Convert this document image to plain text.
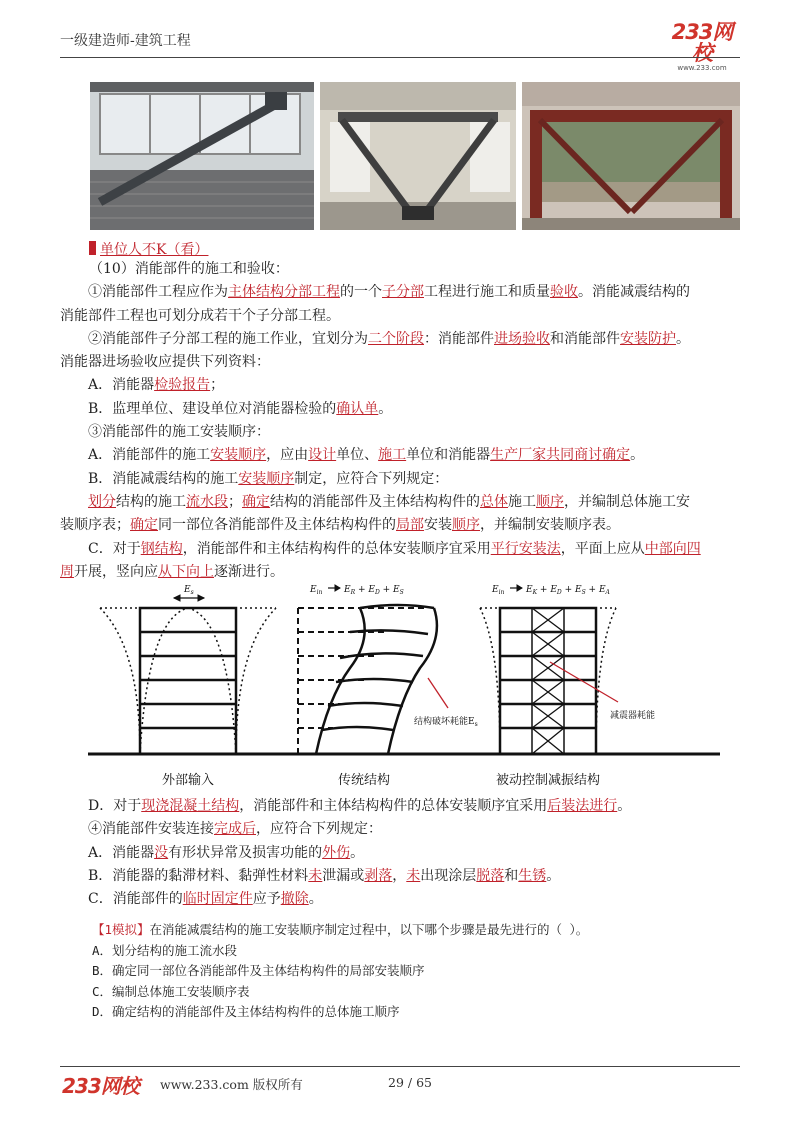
一级建造师-建筑工程	233网校
www.233.com
单位人不K（看）

（10）消能部件的施工和验收：

①消能部件工程应作为主体结构分部工程的一个子分部工程进行施工和质量验收。消能减震结构的

消能部件工程也可划分成若干个子分部工程。

②消能部件子分部工程的施工作业，宜划分为二个阶段：消能部件进场验收和消能部件安装防护。

消能器进场验收应提供下列资料：

A．消能器检验报告；

B．监理单位、建设单位对消能器检验的确认单。

③消能部件的施工安装顺序：

A．消能部件的施工安装顺序，应由设计单位、施工单位和消能器生产厂家共同商讨确定。

B．消能减震结构的施工安装顺序制定，应符合下列规定：

划分结构的施工流水段；确定结构的消能部件及主体结构构件的总体施工顺序，并编制总体施工安

装顺序表；确定同一部位各消能部件及主体结构构件的局部安装顺序，并编制安装顺序表。

C．对于钢结构，消能部件和主体结构构件的总体安装顺序宜采用平行安装法，平面上应从中部向四

周开展，竖向应从下向上逐渐进行。

$E_s$	$E_{in}$ $E_R + E_D + E_S$
结构破坏耗能$E_s$
$E_{in}$ $E_K + E_D + E_S + E_A$
减震器耗能
外部输入	传统结构	被动控制减振结构

D．对于现浇混凝土结构，消能部件和主体结构构件的总体安装顺序宜采用后装法进行。

④消能部件安装连接完成后，应符合下列规定：

A．消能器没有形状异常及损害功能的外伤。

B．消能器的黏滞材料、黏弹性材料未泄漏或剥落，未出现涂层脱落和生锈。

C．消能部件的临时固定件应予撤除。

【1模拟】在消能减震结构的施工安装顺序制定过程中，以下哪个步骤是最先进行的（ ）。
A．划分结构的施工流水段
B．确定同一部位各消能部件及主体结构构件的局部安装顺序
C．编制总体施工安装顺序表
D．确定结构的消能部件及主体结构构件的总体施工顺序
233网校 www.233.com 版权所有	29 / 65
